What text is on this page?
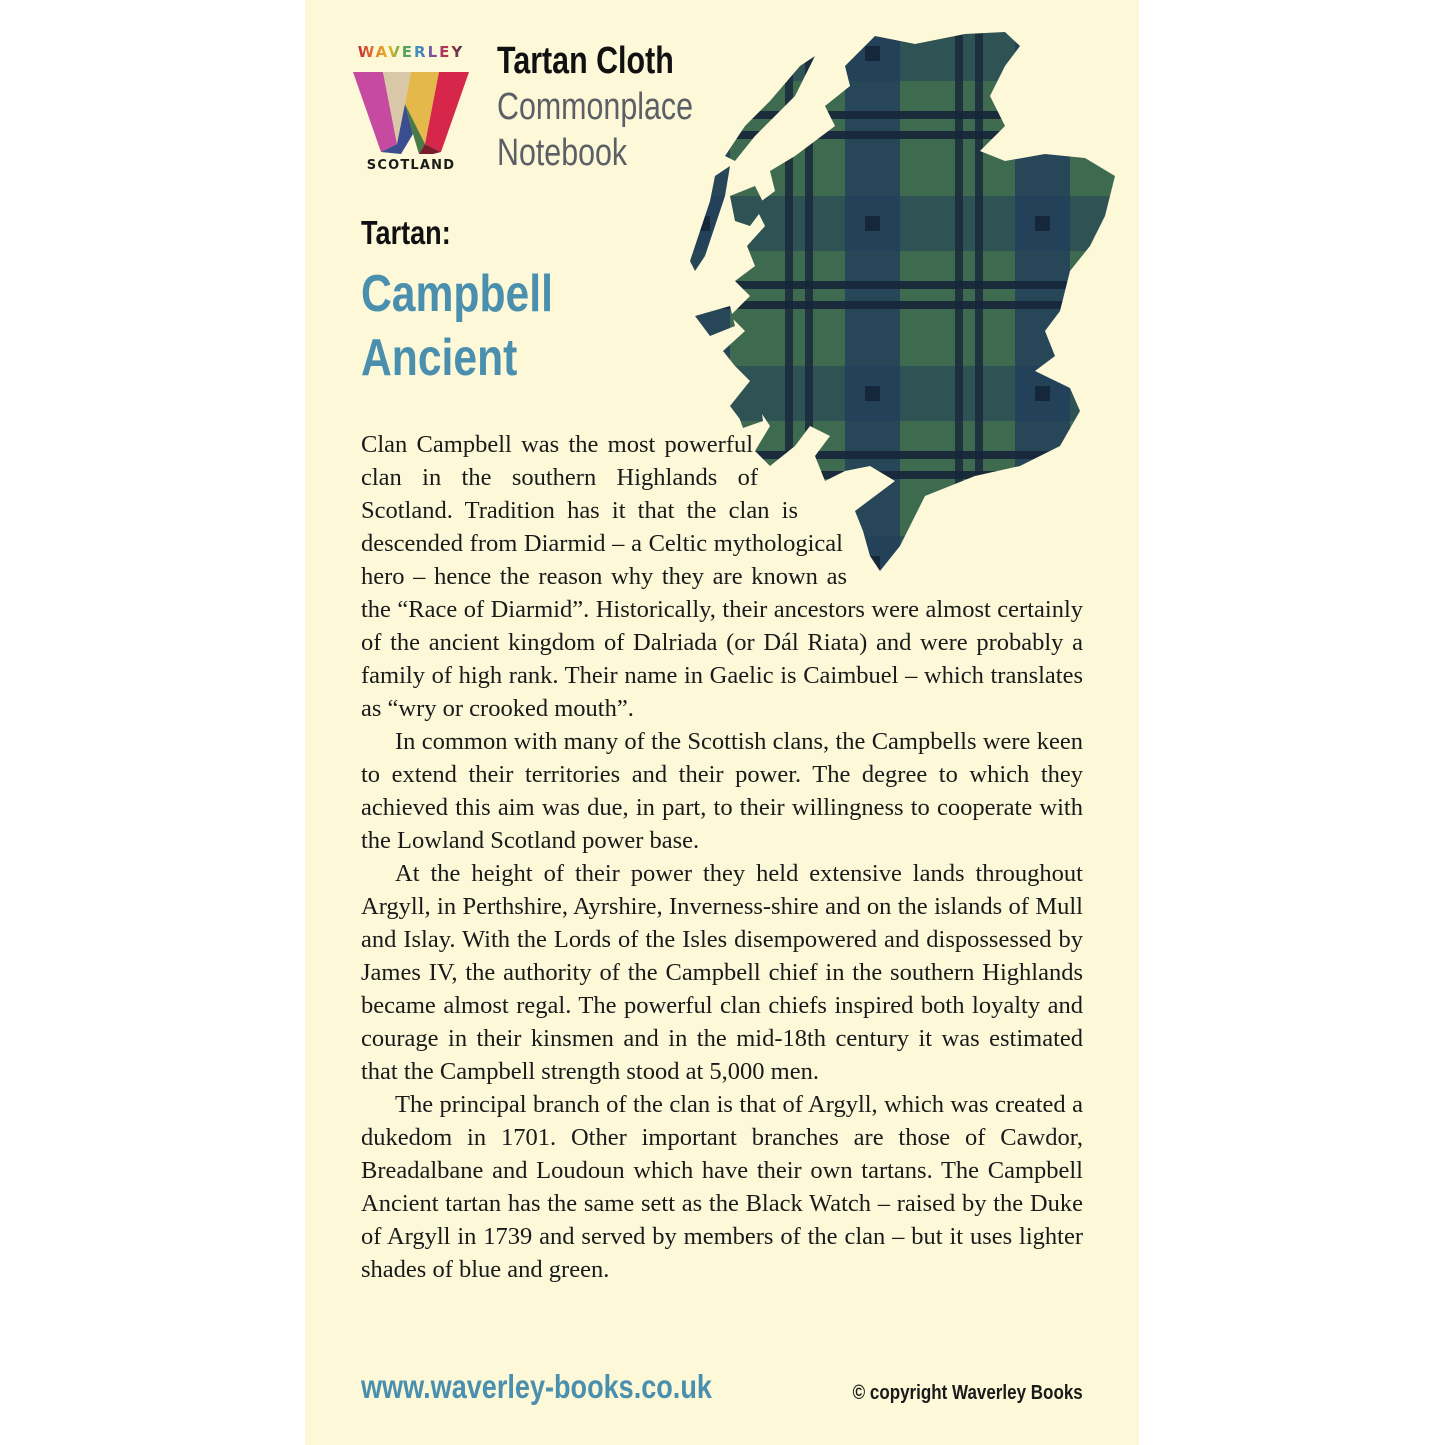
WAVERLEY
SCOTLAND
Tartan Cloth
Commonplace
Notebook
Tartan:
Campbell
Ancient

Clan Campbell was the most powerful clan in the southern Highlands of Scotland. Tradition has it that the clan is descended from Diarmid – a Celtic mythological hero – hence the reason why they are known as the “Race of Diarmid”. Historically, their ancestors were almost certainly of the ancient kingdom of Dalriada (or Dál Riata) and were probably a family of high rank. Their name in Gaelic is Caimbuel – which translates as “wry or crooked mouth”.

In common with many of the Scottish clans, the Campbells were keen to extend their territories and their power. The degree to which they achieved this aim was due, in part, to their willingness to cooperate with the Lowland Scotland power base.

At the height of their power they held extensive lands throughout Argyll, in Perthshire, Ayrshire, Inverness-shire and on the islands of Mull and Islay. With the Lords of the Isles disempowered and dispossessed by James IV, the authority of the Campbell chief in the southern Highlands became almost regal. The powerful clan chiefs inspired both loyalty and courage in their kinsmen and in the mid-18th century it was estimated that the Campbell strength stood at 5,000 men.

The principal branch of the clan is that of Argyll, which was created a dukedom in 1701. Other important branches are those of Cawdor, Breadalbane and Loudoun which have their own tartans. The Campbell Ancient tartan has the same sett as the Black Watch – raised by the Duke of Argyll in 1739 and served by members of the clan – but it uses lighter shades of blue and green.

www.waverley-books.co.uk	© copyright Waverley Books
